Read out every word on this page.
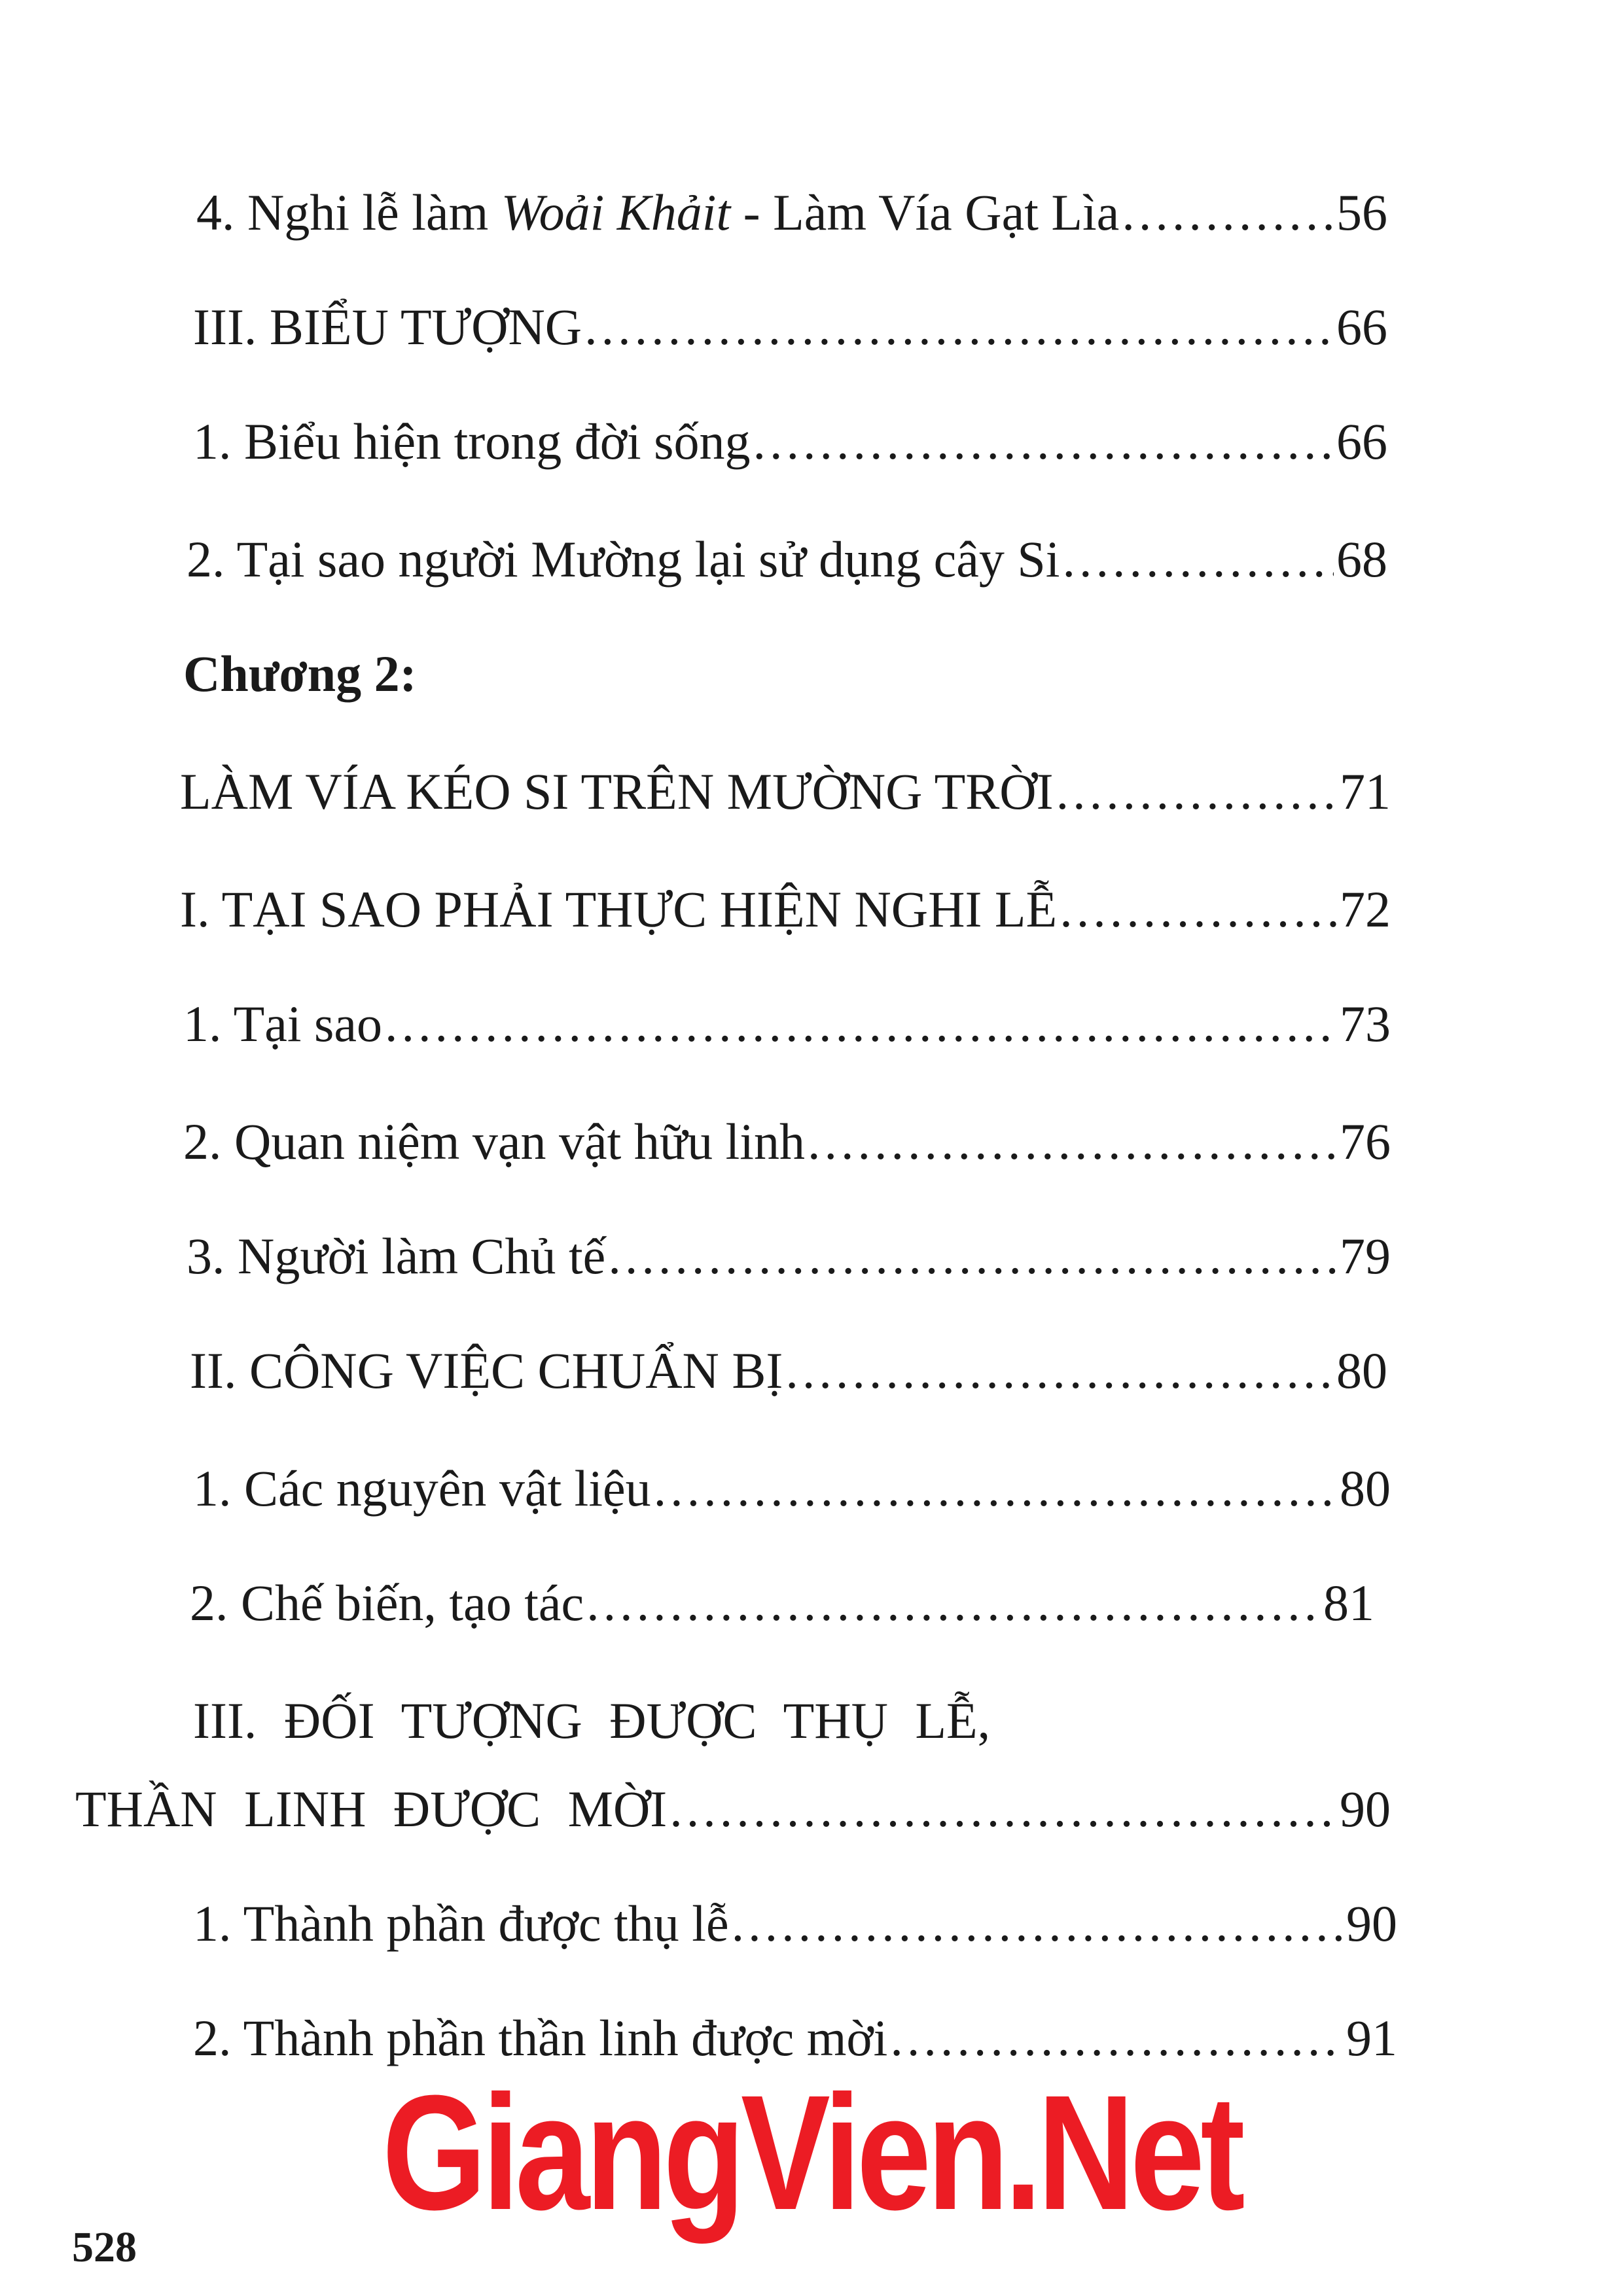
4. Nghi lễ làm Woải Khảit - Làm Vía Gạt Lìa .....	56
III. BIỂU TƯỢNG .....	66
1. Biểu hiện trong đời sống .....	66
2. Tại sao người Mường lại sử dụng cây Si .....	68
Chương 2:
LÀM VÍA KÉO SI TRÊN MƯỜNG TRỜI .....	71
I. TẠI SAO PHẢI THỰC HIỆN NGHI LỄ .....	72
1. Tại sao .....	73
2. Quan niệm vạn vật hữu linh .....	76
3. Người làm Chủ tế .....	79
II. CÔNG VIỆC CHUẨN BỊ .....	80
1. Các nguyên vật liệu .....	80
2. Chế biến, tạo tác .....	81
III. ĐỐI TƯỢNG ĐƯỢC THỤ LỄ,
THẦN LINH ĐƯỢC MỜI .....	90
1. Thành phần được thụ lễ .....	90
2. Thành phần thần linh được mời .....	91
GiangVien.Net
528
